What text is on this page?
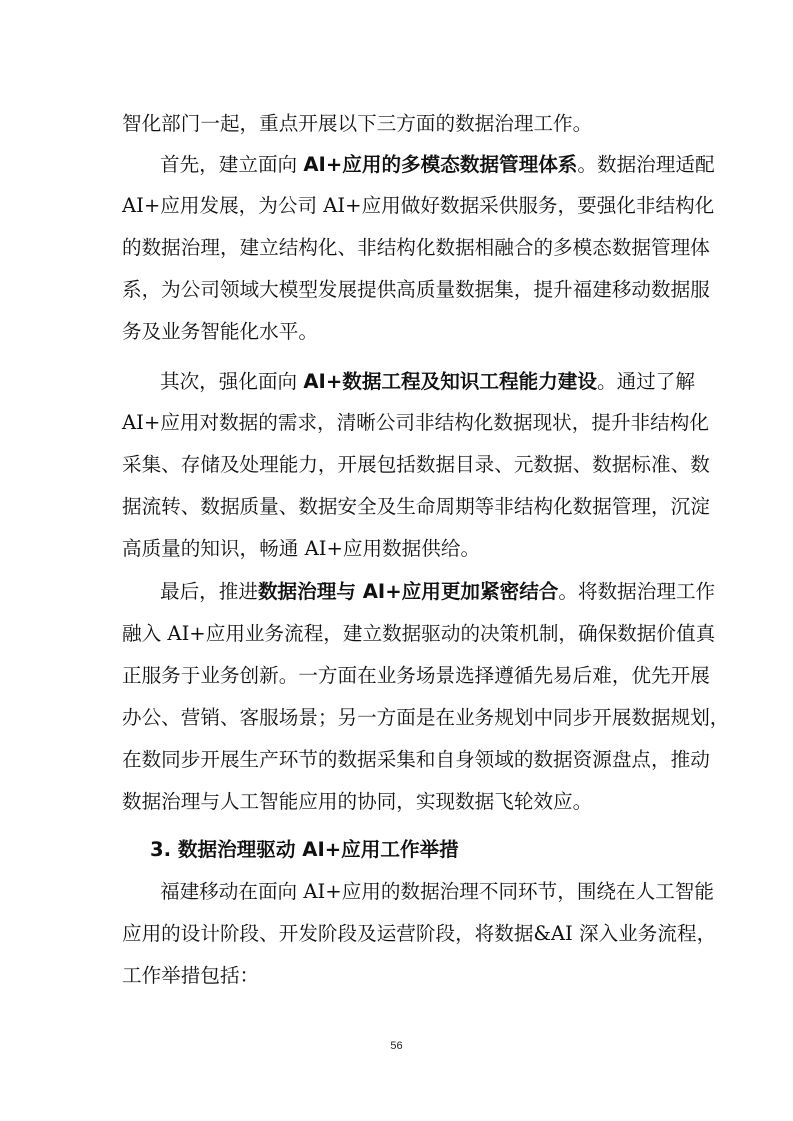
智化部门一起，重点开展以下三方面的数据治理工作。
首先，建立面向 AI+应用的多模态数据管理体系。数据治理适配
AI+应用发展，为公司 AI+应用做好数据采供服务，要强化非结构化
的数据治理，建立结构化、非结构化数据相融合的多模态数据管理体
系，为公司领域大模型发展提供高质量数据集，提升福建移动数据服
务及业务智能化水平。
其次，强化面向 AI+数据工程及知识工程能力建设。通过了解
AI+应用对数据的需求，清晰公司非结构化数据现状，提升非结构化
采集、存储及处理能力，开展包括数据目录、元数据、数据标准、数
据流转、数据质量、数据安全及生命周期等非结构化数据管理，沉淀
高质量的知识，畅通 AI+应用数据供给。
最后，推进数据治理与 AI+应用更加紧密结合。将数据治理工作
融入 AI+应用业务流程，建立数据驱动的决策机制，确保数据价值真
正服务于业务创新。一方面在业务场景选择遵循先易后难，优先开展
办公、营销、客服场景；另一方面是在业务规划中同步开展数据规划，
在数同步开展生产环节的数据采集和自身领域的数据资源盘点，推动
数据治理与人工智能应用的协同，实现数据飞轮效应。
3. 数据治理驱动 AI+应用工作举措
福建移动在面向 AI+应用的数据治理不同环节，围绕在人工智能
应用的设计阶段、开发阶段及运营阶段，将数据&AI 深入业务流程，
工作举措包括：
56
